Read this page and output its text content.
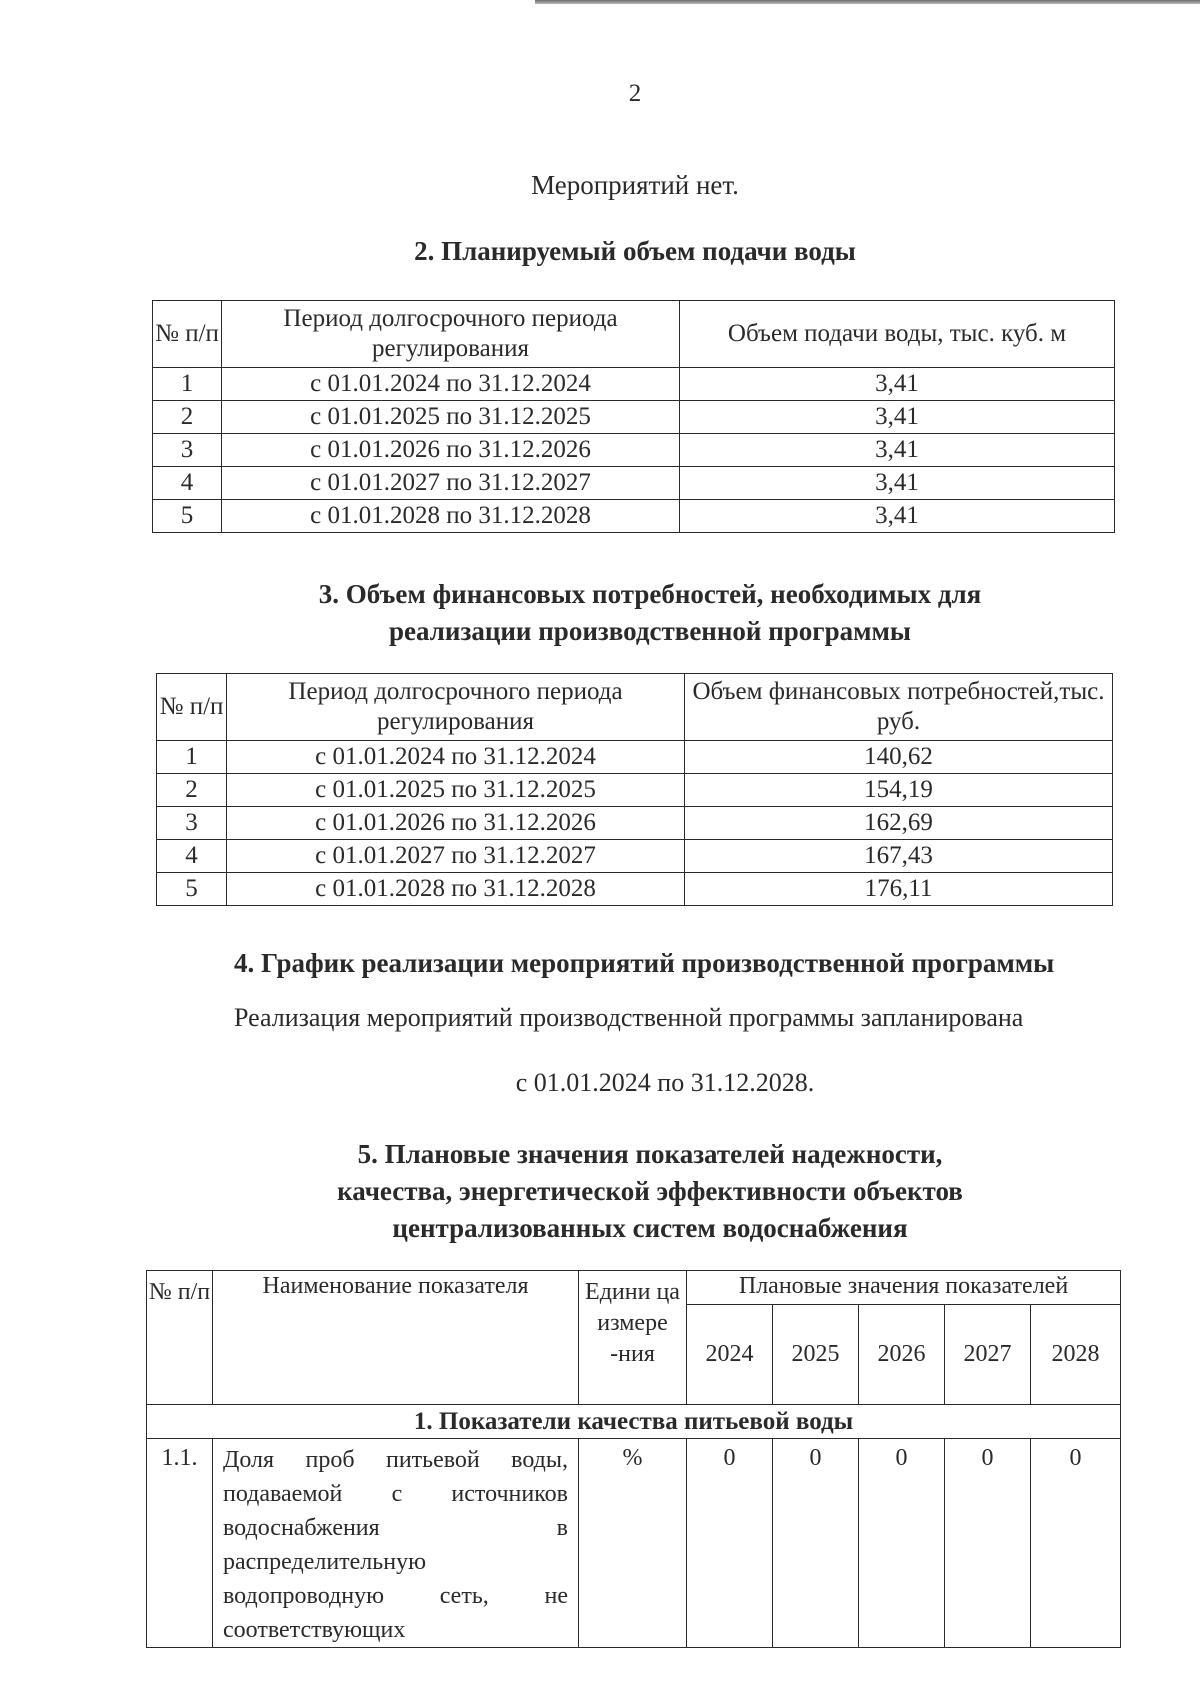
2
Мероприятий нет.
2. Планируемый объем подачи воды
№ п/п	Период долгосрочного периода регулирования	Объем подачи воды, тыс. куб. м
1	с 01.01.2024 по 31.12.2024	3,41
2	с 01.01.2025 по 31.12.2025	3,41
3	с 01.01.2026 по 31.12.2026	3,41
4	с 01.01.2027 по 31.12.2027	3,41
5	с 01.01.2028 по 31.12.2028	3,41
3. Объем финансовых потребностей, необходимых для
реализации производственной программы
№ п/п	Период долгосрочного периода регулирования	Объем финансовых потребностей,тыс. руб.
1	с 01.01.2024 по 31.12.2024	140,62
2	с 01.01.2025 по 31.12.2025	154,19
3	с 01.01.2026 по 31.12.2026	162,69
4	с 01.01.2027 по 31.12.2027	167,43
5	с 01.01.2028 по 31.12.2028	176,11
4. График реализации мероприятий производственной программы
Реализация мероприятий производственной программы запланирована
с 01.01.2024 по 31.12.2028.
5. Плановые значения показателей надежности,
качества, энергетической эффективности объектов
централизованных систем водоснабжения
№ п/п	Наименование показателя	Едини ца измере -ния	Плановые значения показателей				
			2024	2025	2026	2027	2028
1. Показатели качества питьевой воды							
1.1.	Доля проб питьевой воды, подаваемой с источников водоснабжения в распределительную водопроводную сеть, не соответствующих	%	0	0	0	0	0
